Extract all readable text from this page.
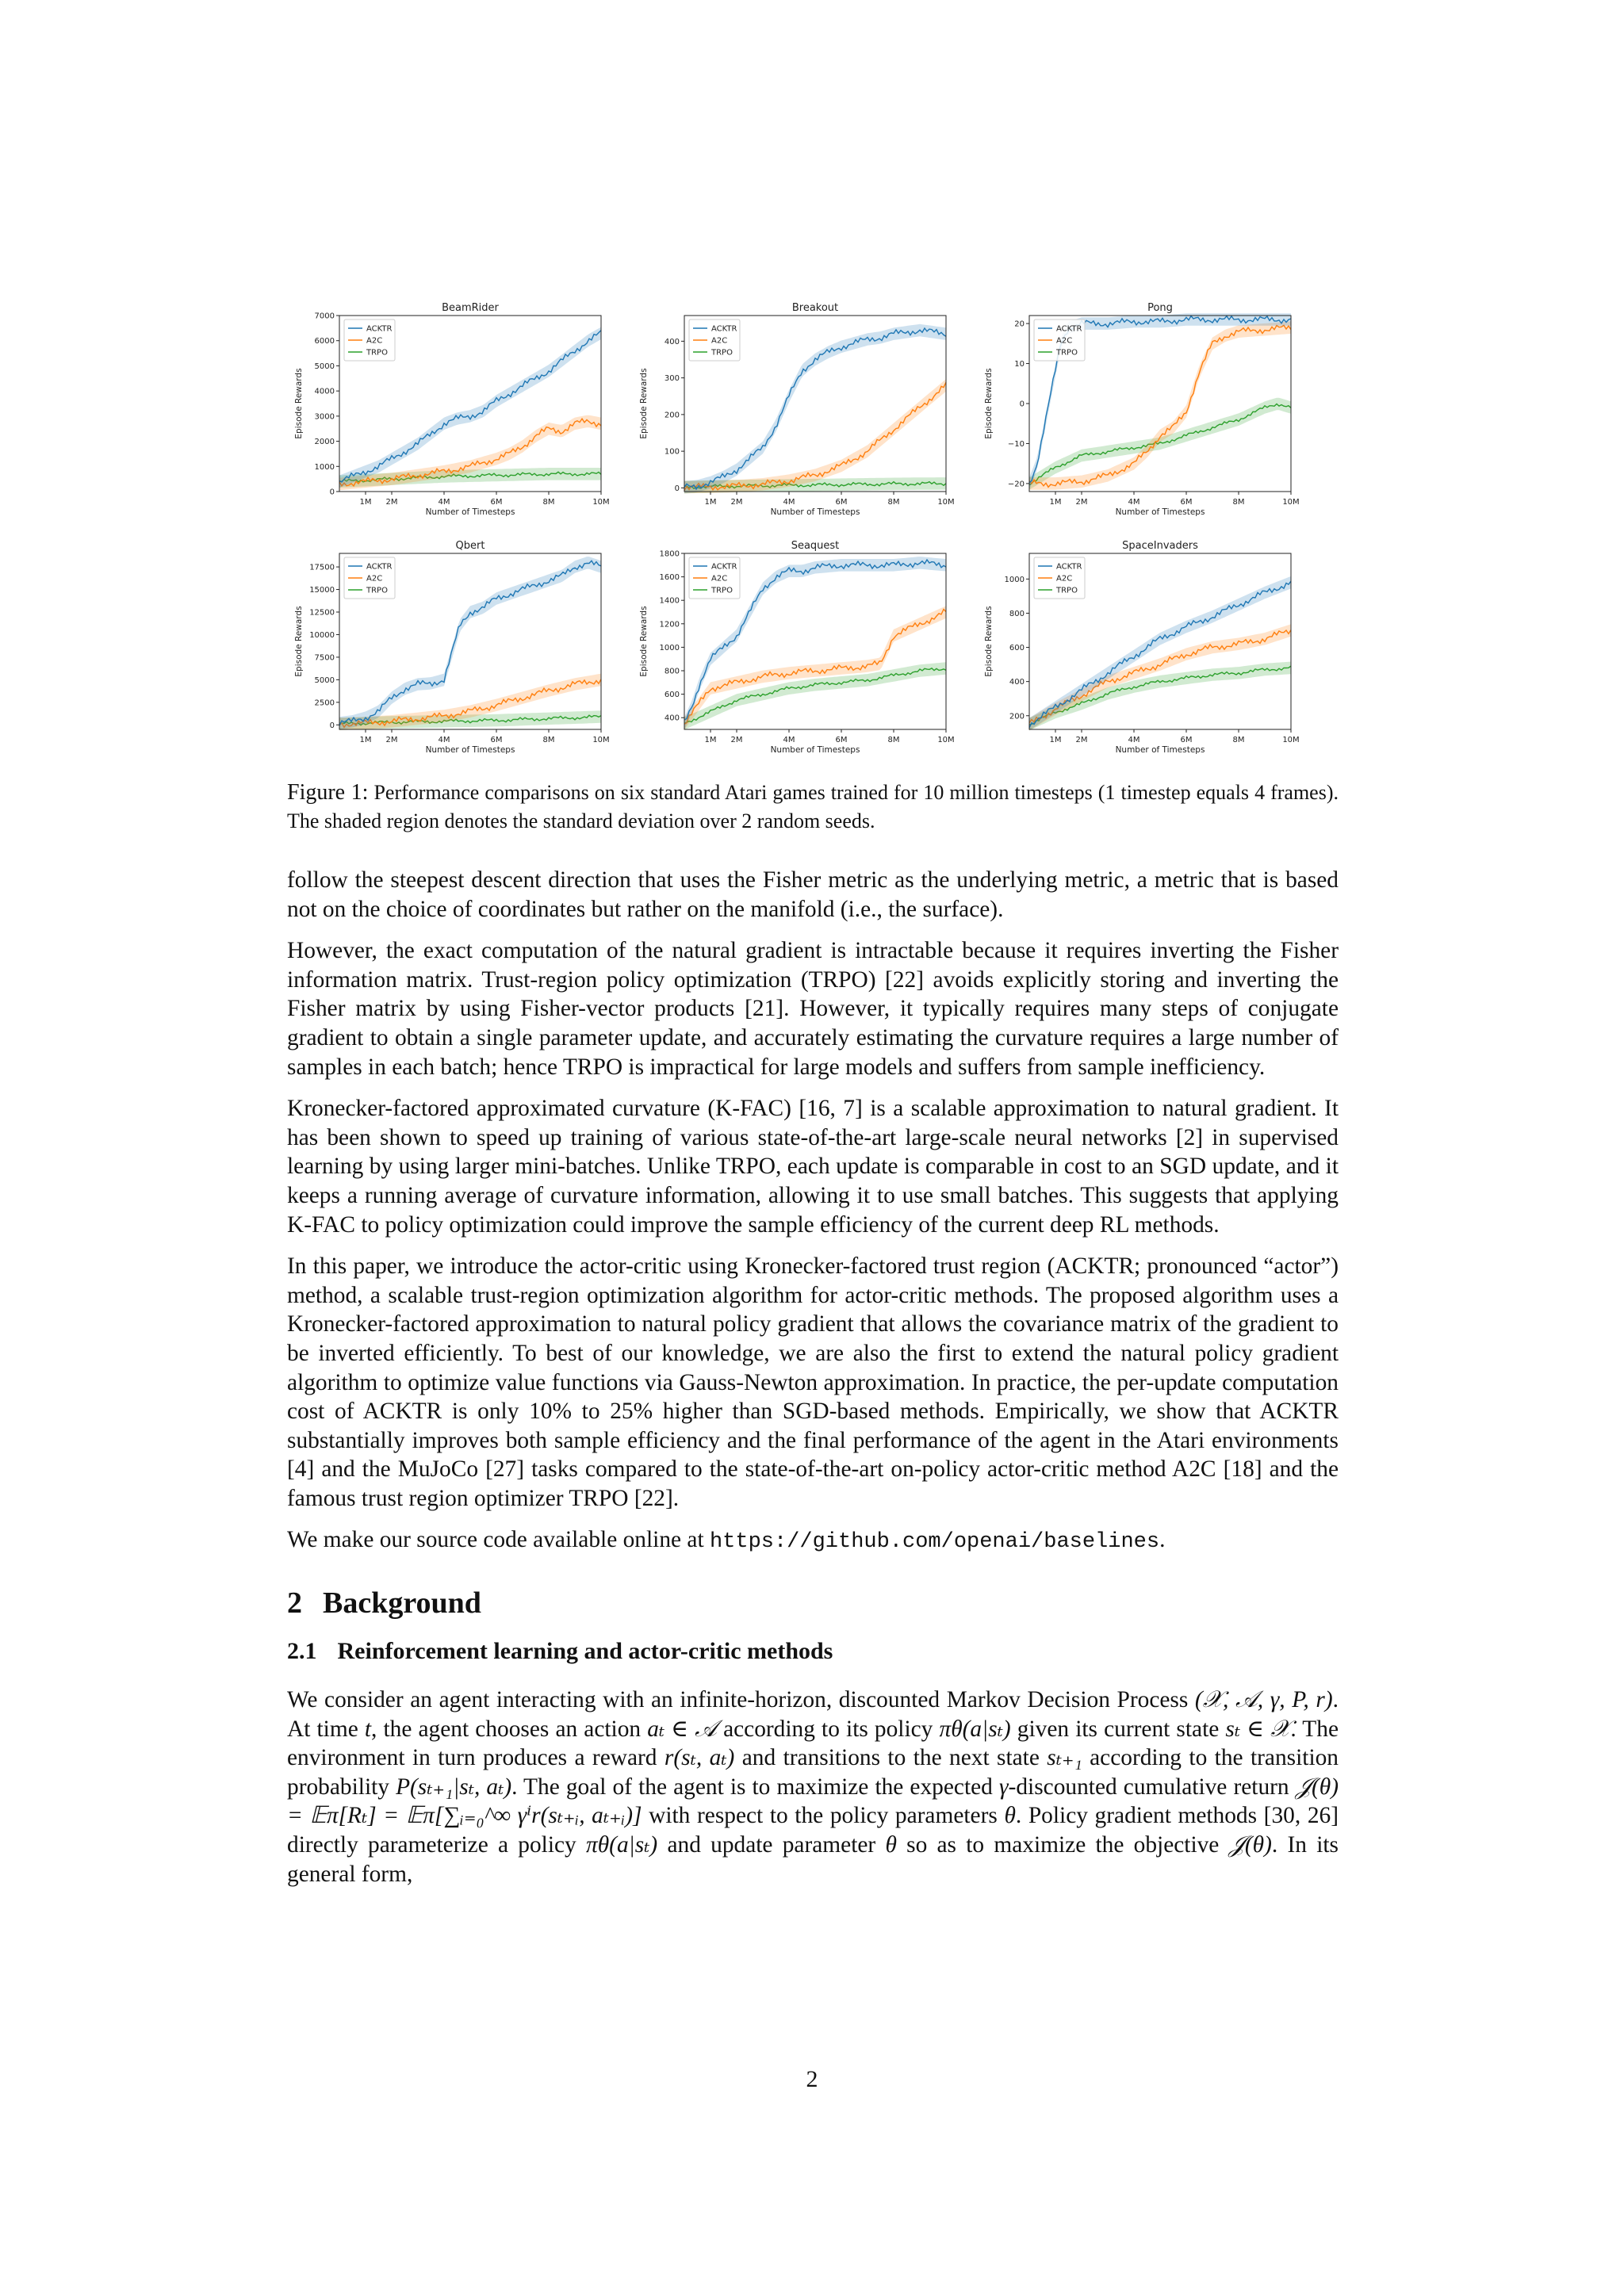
BeamRider
1M 2M	4M	6M	8M	10M
0
1000
2000
3000
4000
5000
6000
7000
Number of Timesteps
Episode Rewards
ACKTR
A2C
TRPO
Breakout
1M 2M	4M	6M	8M	10M
0
100
200
300
400
Number of Timesteps
Episode Rewards
ACKTR
A2C
TRPO
Pong
1M 2M	4M	6M	8M	10M
−20
−10
0
10
20
Number of Timesteps
Episode Rewards
ACKTR
A2C
TRPO
Qbert
1M 2M	4M	6M	8M	10M
0
2500
5000
7500
10000
12500
15000
17500
Number of Timesteps
Episode Rewards
ACKTR
A2C
TRPO
Seaquest
1M 2M	4M	6M	8M	10M
400
600
800
1000
1200
1400
1600
1800
Number of Timesteps
Episode Rewards
ACKTR
A2C
TRPO
SpaceInvaders
1M 2M	4M	6M	8M	10M
200
400
600
800
1000
Number of Timesteps
Episode Rewards
ACKTR
A2C
TRPO
Figure 1: Performance comparisons on six standard Atari games trained for 10 million timesteps (1 timestep equals 4 frames). The shaded region denotes the standard deviation over 2 random seeds.

follow the steepest descent direction that uses the Fisher metric as the underlying metric, a metric that is based not on the choice of coordinates but rather on the manifold (i.e., the surface).

However, the exact computation of the natural gradient is intractable because it requires inverting the Fisher information matrix. Trust-region policy optimization (TRPO) [22] avoids explicitly storing and inverting the Fisher matrix by using Fisher-vector products [21]. However, it typically requires many steps of conjugate gradient to obtain a single parameter update, and accurately estimating the curvature requires a large number of samples in each batch; hence TRPO is impractical for large models and suffers from sample inefficiency.

Kronecker-factored approximated curvature (K-FAC) [16, 7] is a scalable approximation to natural gradient. It has been shown to speed up training of various state-of-the-art large-scale neural networks [2] in supervised learning by using larger mini-batches. Unlike TRPO, each update is comparable in cost to an SGD update, and it keeps a running average of curvature information, allowing it to use small batches. This suggests that applying K-FAC to policy optimization could improve the sample efficiency of the current deep RL methods.

In this paper, we introduce the actor-critic using Kronecker-factored trust region (ACKTR; pronounced “actor”) method, a scalable trust-region optimization algorithm for actor-critic methods. The proposed algorithm uses a Kronecker-factored approximation to natural policy gradient that allows the covariance matrix of the gradient to be inverted efficiently. To best of our knowledge, we are also the first to extend the natural policy gradient algorithm to optimize value functions via Gauss-Newton approximation. In practice, the per-update computation cost of ACKTR is only 10% to 25% higher than SGD-based methods. Empirically, we show that ACKTR substantially improves both sample efficiency and the final performance of the agent in the Atari environments [4] and the MuJoCo [27] tasks compared to the state-of-the-art on-policy actor-critic method A2C [18] and the famous trust region optimizer TRPO [22].

We make our source code available online at https://github.com/openai/baselines.

2 Background
2.1 Reinforcement learning and actor-critic methods

We consider an agent interacting with an infinite-horizon, discounted Markov Decision Process (𝒳, 𝒜, γ, P, r). At time t, the agent chooses an action aₜ ∈ 𝒜 according to its policy πθ(a|sₜ) given its current state sₜ ∈ 𝒳. The environment in turn produces a reward r(sₜ, aₜ) and transitions to the next state sₜ₊₁ according to the transition probability P(sₜ₊₁|sₜ, aₜ). The goal of the agent is to maximize the expected γ-discounted cumulative return 𝒥(θ) = 𝔼π[Rₜ] = 𝔼π[∑ᵢ₌₀^∞ γⁱr(sₜ₊ᵢ, aₜ₊ᵢ)] with respect to the policy parameters θ. Policy gradient methods [30, 26] directly parameterize a policy πθ(a|sₜ) and update parameter θ so as to maximize the objective 𝒥(θ). In its general form,

2
